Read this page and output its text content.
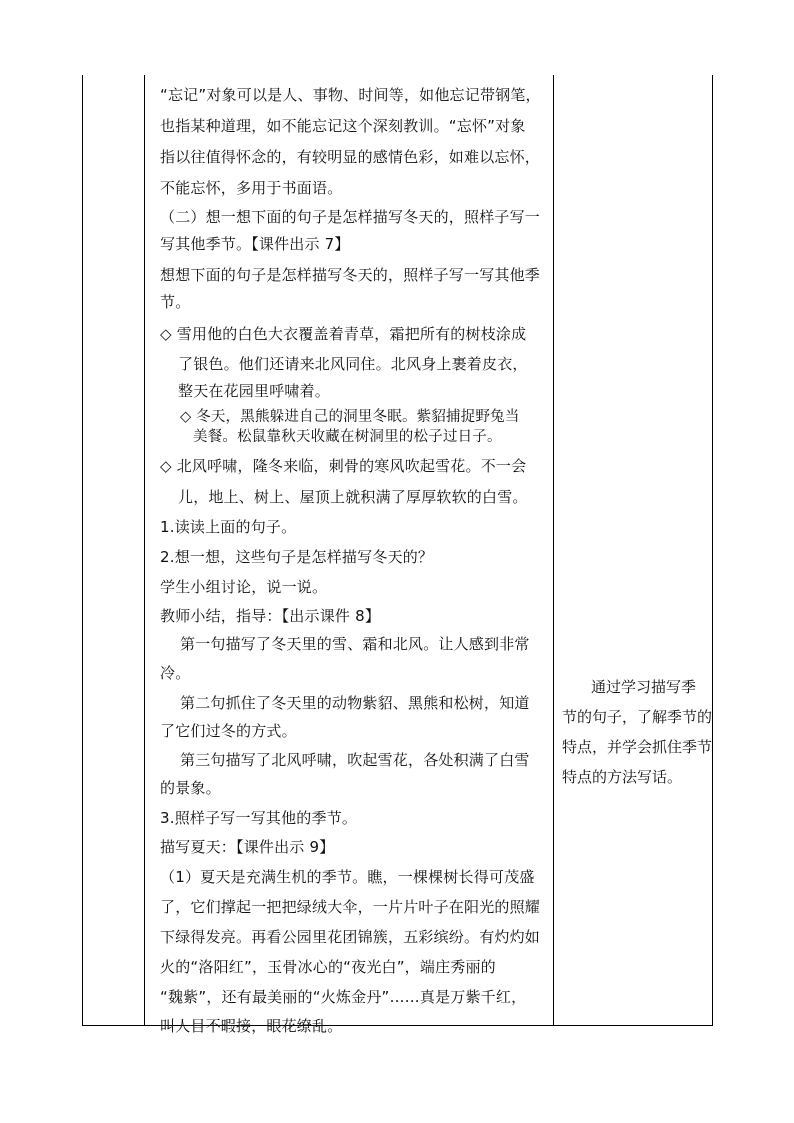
“忘记”对象可以是人、事物、时间等，如他忘记带钢笔，
也指某种道理，如不能忘记这个深刻教训。“忘怀”对象
指以往值得怀念的，有较明显的感情色彩，如难以忘怀，
不能忘怀，多用于书面语。
（二）想一想下面的句子是怎样描写冬天的，照样子写一
写其他季节。【课件出示 7】
想想下面的句子是怎样描写冬天的，照样子写一写其他季
节。
◇ 雪用他的白色大衣覆盖着青草，霜把所有的树枝涂成
了银色。他们还请来北风同住。北风身上裹着皮衣，
整天在花园里呼啸着。
◇ 冬天，黑熊躲进自己的洞里冬眠。紫貂捕捉野兔当
美餐。松鼠靠秋天收藏在树洞里的松子过日子。
◇ 北风呼啸，隆冬来临，刺骨的寒风吹起雪花。不一会
儿，地上、树上、屋顶上就积满了厚厚软软的白雪。
1.读读上面的句子。
2.想一想，这些句子是怎样描写冬天的？
学生小组讨论，说一说。
教师小结，指导：【出示课件 8】
第一句描写了冬天里的雪、霜和北风。让人感到非常
冷。
第二句抓住了冬天里的动物紫貂、黑熊和松树，知道
了它们过冬的方式。
第三句描写了北风呼啸，吹起雪花，各处积满了白雪
的景象。
3.照样子写一写其他的季节。
描写夏天：【课件出示 9】
（1）夏天是充满生机的季节。瞧，一棵棵树长得可茂盛
了，它们撑起一把把绿绒大伞，一片片叶子在阳光的照耀
下绿得发亮。再看公园里花团锦簇，五彩缤纷。有灼灼如
火的“洛阳红”，玉骨冰心的“夜光白”，端庄秀丽的
“魏紫”，还有最美丽的“火炼金丹”……真是万紫千红，
叫人目不暇接，眼花缭乱。
通过学习描写季
节的句子，了解季节的
特点，并学会抓住季节
特点的方法写话。
